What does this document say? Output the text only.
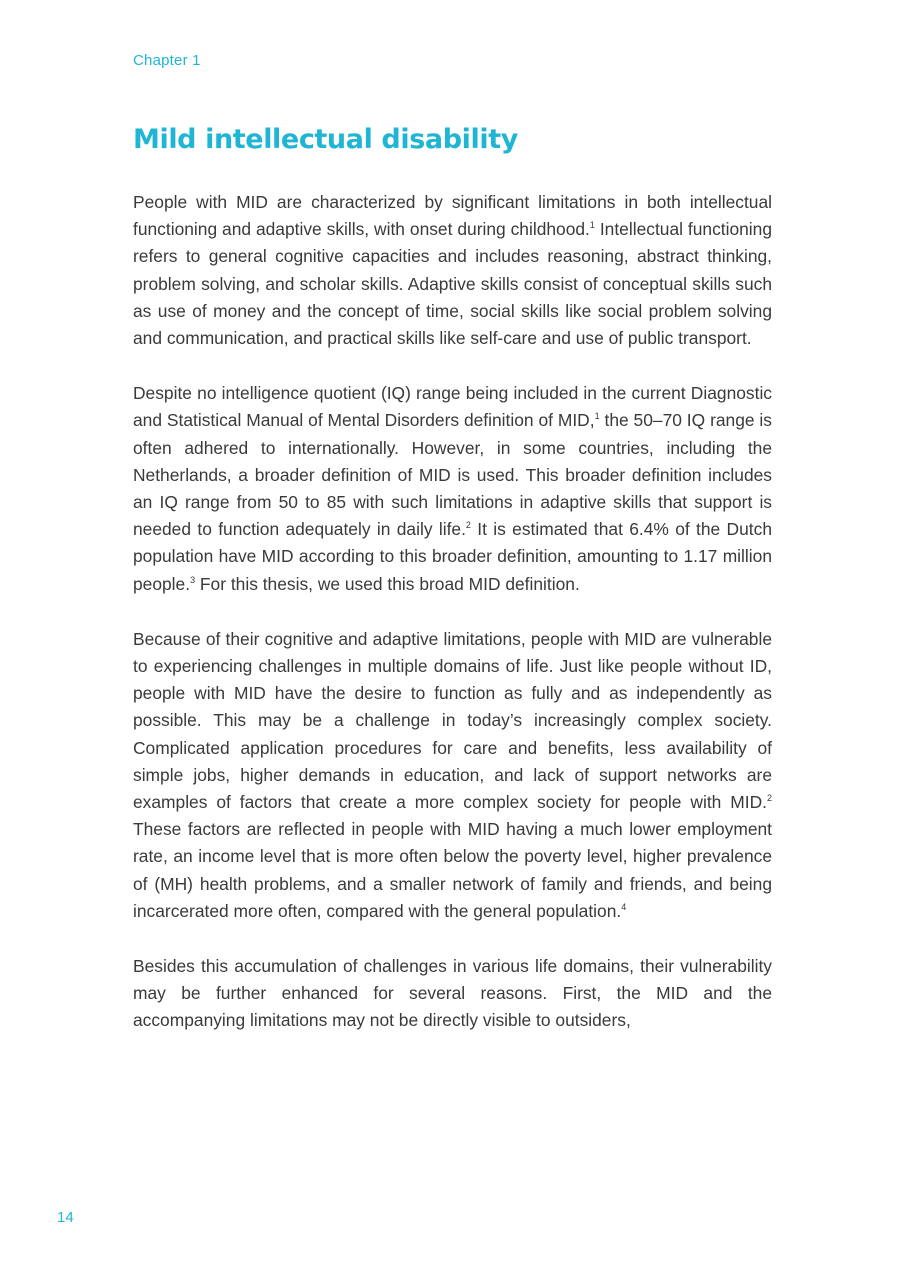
Chapter 1
Mild intellectual disability

People with MID are characterized by significant limitations in both intellectual functioning and adaptive skills, with onset during childhood.$^1$ Intellectual functioning refers to general cognitive capacities and includes reasoning, abstract thinking, problem solving, and scholar skills. Adaptive skills consist of conceptual skills such as use of money and the concept of time, social skills like social problem solving and communication, and practical skills like self-care and use of public transport.

Despite no intelligence quotient (IQ) range being included in the current Diagnostic and Statistical Manual of Mental Disorders definition of MID,$^1$ the 50–70 IQ range is often adhered to internationally. However, in some countries, including the Netherlands, a broader definition of MID is used. This broader definition includes an IQ range from 50 to 85 with such limitations in adaptive skills that support is needed to function adequately in daily life.$^2$ It is estimated that 6.4% of the Dutch population have MID according to this broader definition, amounting to 1.17 million people.$^3$ For this thesis, we used this broad MID definition.

Because of their cognitive and adaptive limitations, people with MID are vulnerable to experiencing challenges in multiple domains of life. Just like people without ID, people with MID have the desire to function as fully and as independently as possible. This may be a challenge in today’s increasingly complex society. Complicated application procedures for care and benefits, less availability of simple jobs, higher demands in education, and lack of support networks are examples of factors that create a more complex society for people with MID.$^2$ These factors are reflected in people with MID having a much lower employment rate, an income level that is more often below the poverty level, higher prevalence of (MH) health problems, and a smaller network of family and friends, and being incarcerated more often, compared with the general population.$^4$

Besides this accumulation of challenges in various life domains, their vulnerability may be further enhanced for several reasons. First, the MID and the accompanying limitations may not be directly visible to outsiders,

14
